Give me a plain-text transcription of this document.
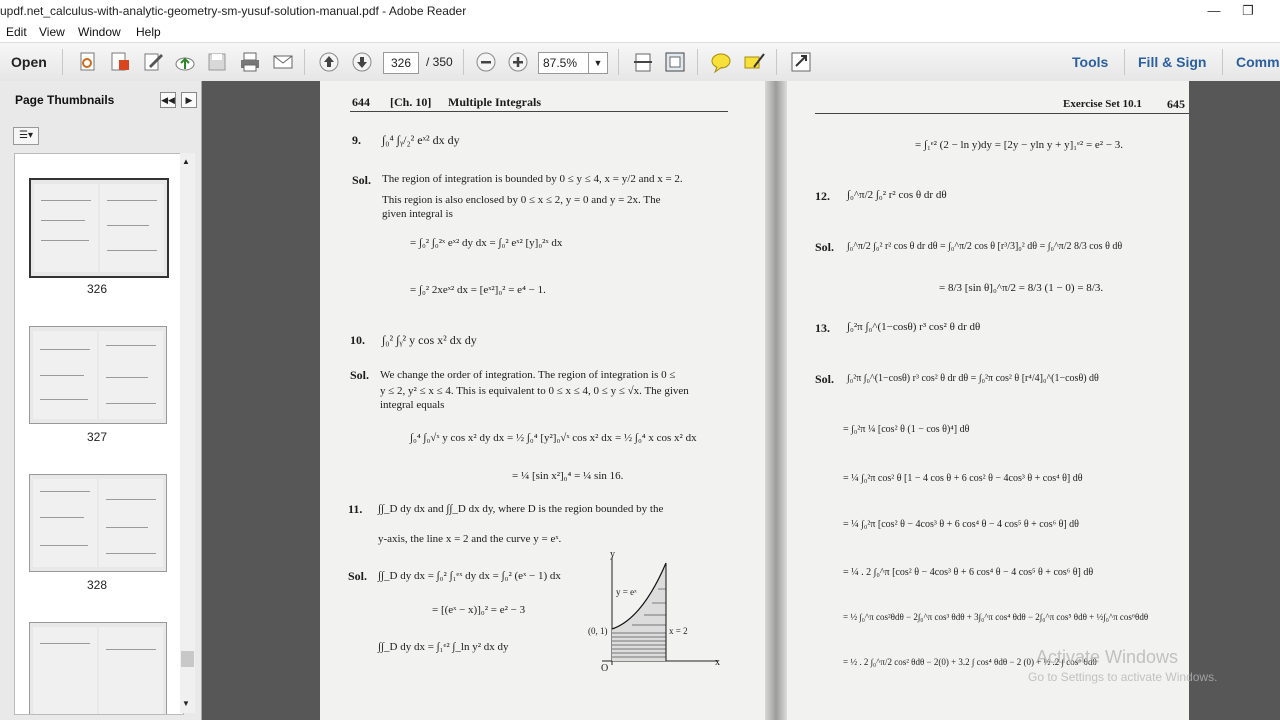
updf.net_calculus-with-analytic-geometry-sm-yusuf-solution-manual.pdf - Adobe Reader	—	❐
Edit View Window Help
Open	326	/ 350	87.5%	▼	Tools Fill & Sign Comm
Page Thumbnails	◀◀	▶
☰▾
326
327
328
▲
▼
644 [Ch. 10] Multiple Integrals
9. ∫₀⁴ ∫ᵧ/₂² eˣ² dx dy
Sol. The region of integration is bounded by 0 ≤ y ≤ 4, x = y/2 and x = 2.
This region is also enclosed by 0 ≤ x ≤ 2, y = 0 and y = 2x. The
given integral is
= ∫₀² ∫₀²ˣ eˣ² dy dx = ∫₀² eˣ² [y]₀²ˣ dx
= ∫₀² 2xeˣ² dx = [eˣ²]₀² = e⁴ − 1.
10. ∫₀² ∫ᵧ² y cos x² dx dy
Sol. We change the order of integration. The region of integration is 0 ≤
y ≤ 2, y² ≤ x ≤ 4. This is equivalent to 0 ≤ x ≤ 4, 0 ≤ y ≤ √x. The given
integral equals
∫₀⁴ ∫₀√ˣ y cos x² dy dx = ½ ∫₀⁴ [y²]₀√ˣ cos x² dx = ½ ∫₀⁴ x cos x² dx
= ¼ [sin x²]₀⁴ = ¼ sin 16.
11. ∫∫_D dy dx and ∫∫_D dx dy, where D is the region bounded by the
y-axis, the line x = 2 and the curve y = eˣ.
Sol. ∫∫_D dy dx = ∫₀² ∫₁ᵉˣ dy dx = ∫₀² (eˣ − 1) dx
= [(eˣ − x)]₀² = e² − 3
∫∫_D dy dx = ∫₁ᵉ² ∫_ln y² dx dy
y
x
y = eˣ
(0, 1)	x = 2
O
Exercise Set 10.1 645
= ∫₁ᵉ² (2 − ln y)dy = [2y − yln y + y]₁ᵉ² = e² − 3.
12. ∫₀^π/2 ∫₀² r² cos θ dr dθ
Sol. ∫₀^π/2 ∫₀² r² cos θ dr dθ = ∫₀^π/2 cos θ [r³/3]₀² dθ = ∫₀^π/2 8/3 cos θ dθ
= 8/3 [sin θ]₀^π/2 = 8/3 (1 − 0) = 8/3.
13. ∫₀²π ∫₀^(1−cosθ) r³ cos² θ dr dθ
Sol. ∫₀²π ∫₀^(1−cosθ) r³ cos² θ dr dθ = ∫₀²π cos² θ [r⁴/4]₀^(1−cosθ) dθ
= ∫₀²π ¼ [cos² θ (1 − cos θ)⁴] dθ
= ¼ ∫₀²π cos² θ [1 − 4 cos θ + 6 cos² θ − 4cos³ θ + cos⁴ θ] dθ
= ¼ ∫₀²π [cos² θ − 4cos³ θ + 6 cos⁴ θ − 4 cos⁵ θ + cos⁶ θ] dθ
= ¼ . 2 ∫₀^π [cos² θ − 4cos³ θ + 6 cos⁴ θ − 4 cos⁵ θ + cos⁶ θ] dθ
= ½ ∫₀^π cos²θdθ − 2∫₀^π cos³ θdθ + 3∫₀^π cos⁴ θdθ − 2∫₀^π cos⁵ θdθ + ½∫₀^π cos⁶θdθ
= ½ . 2 ∫₀^π/2 cos² θdθ − 2(0) + 3.2 ∫ cos⁴ θdθ − 2 (0) + ½ .2 ∫ cos⁶ θdθ
Activate Windows
Go to Settings to activate Windows.
